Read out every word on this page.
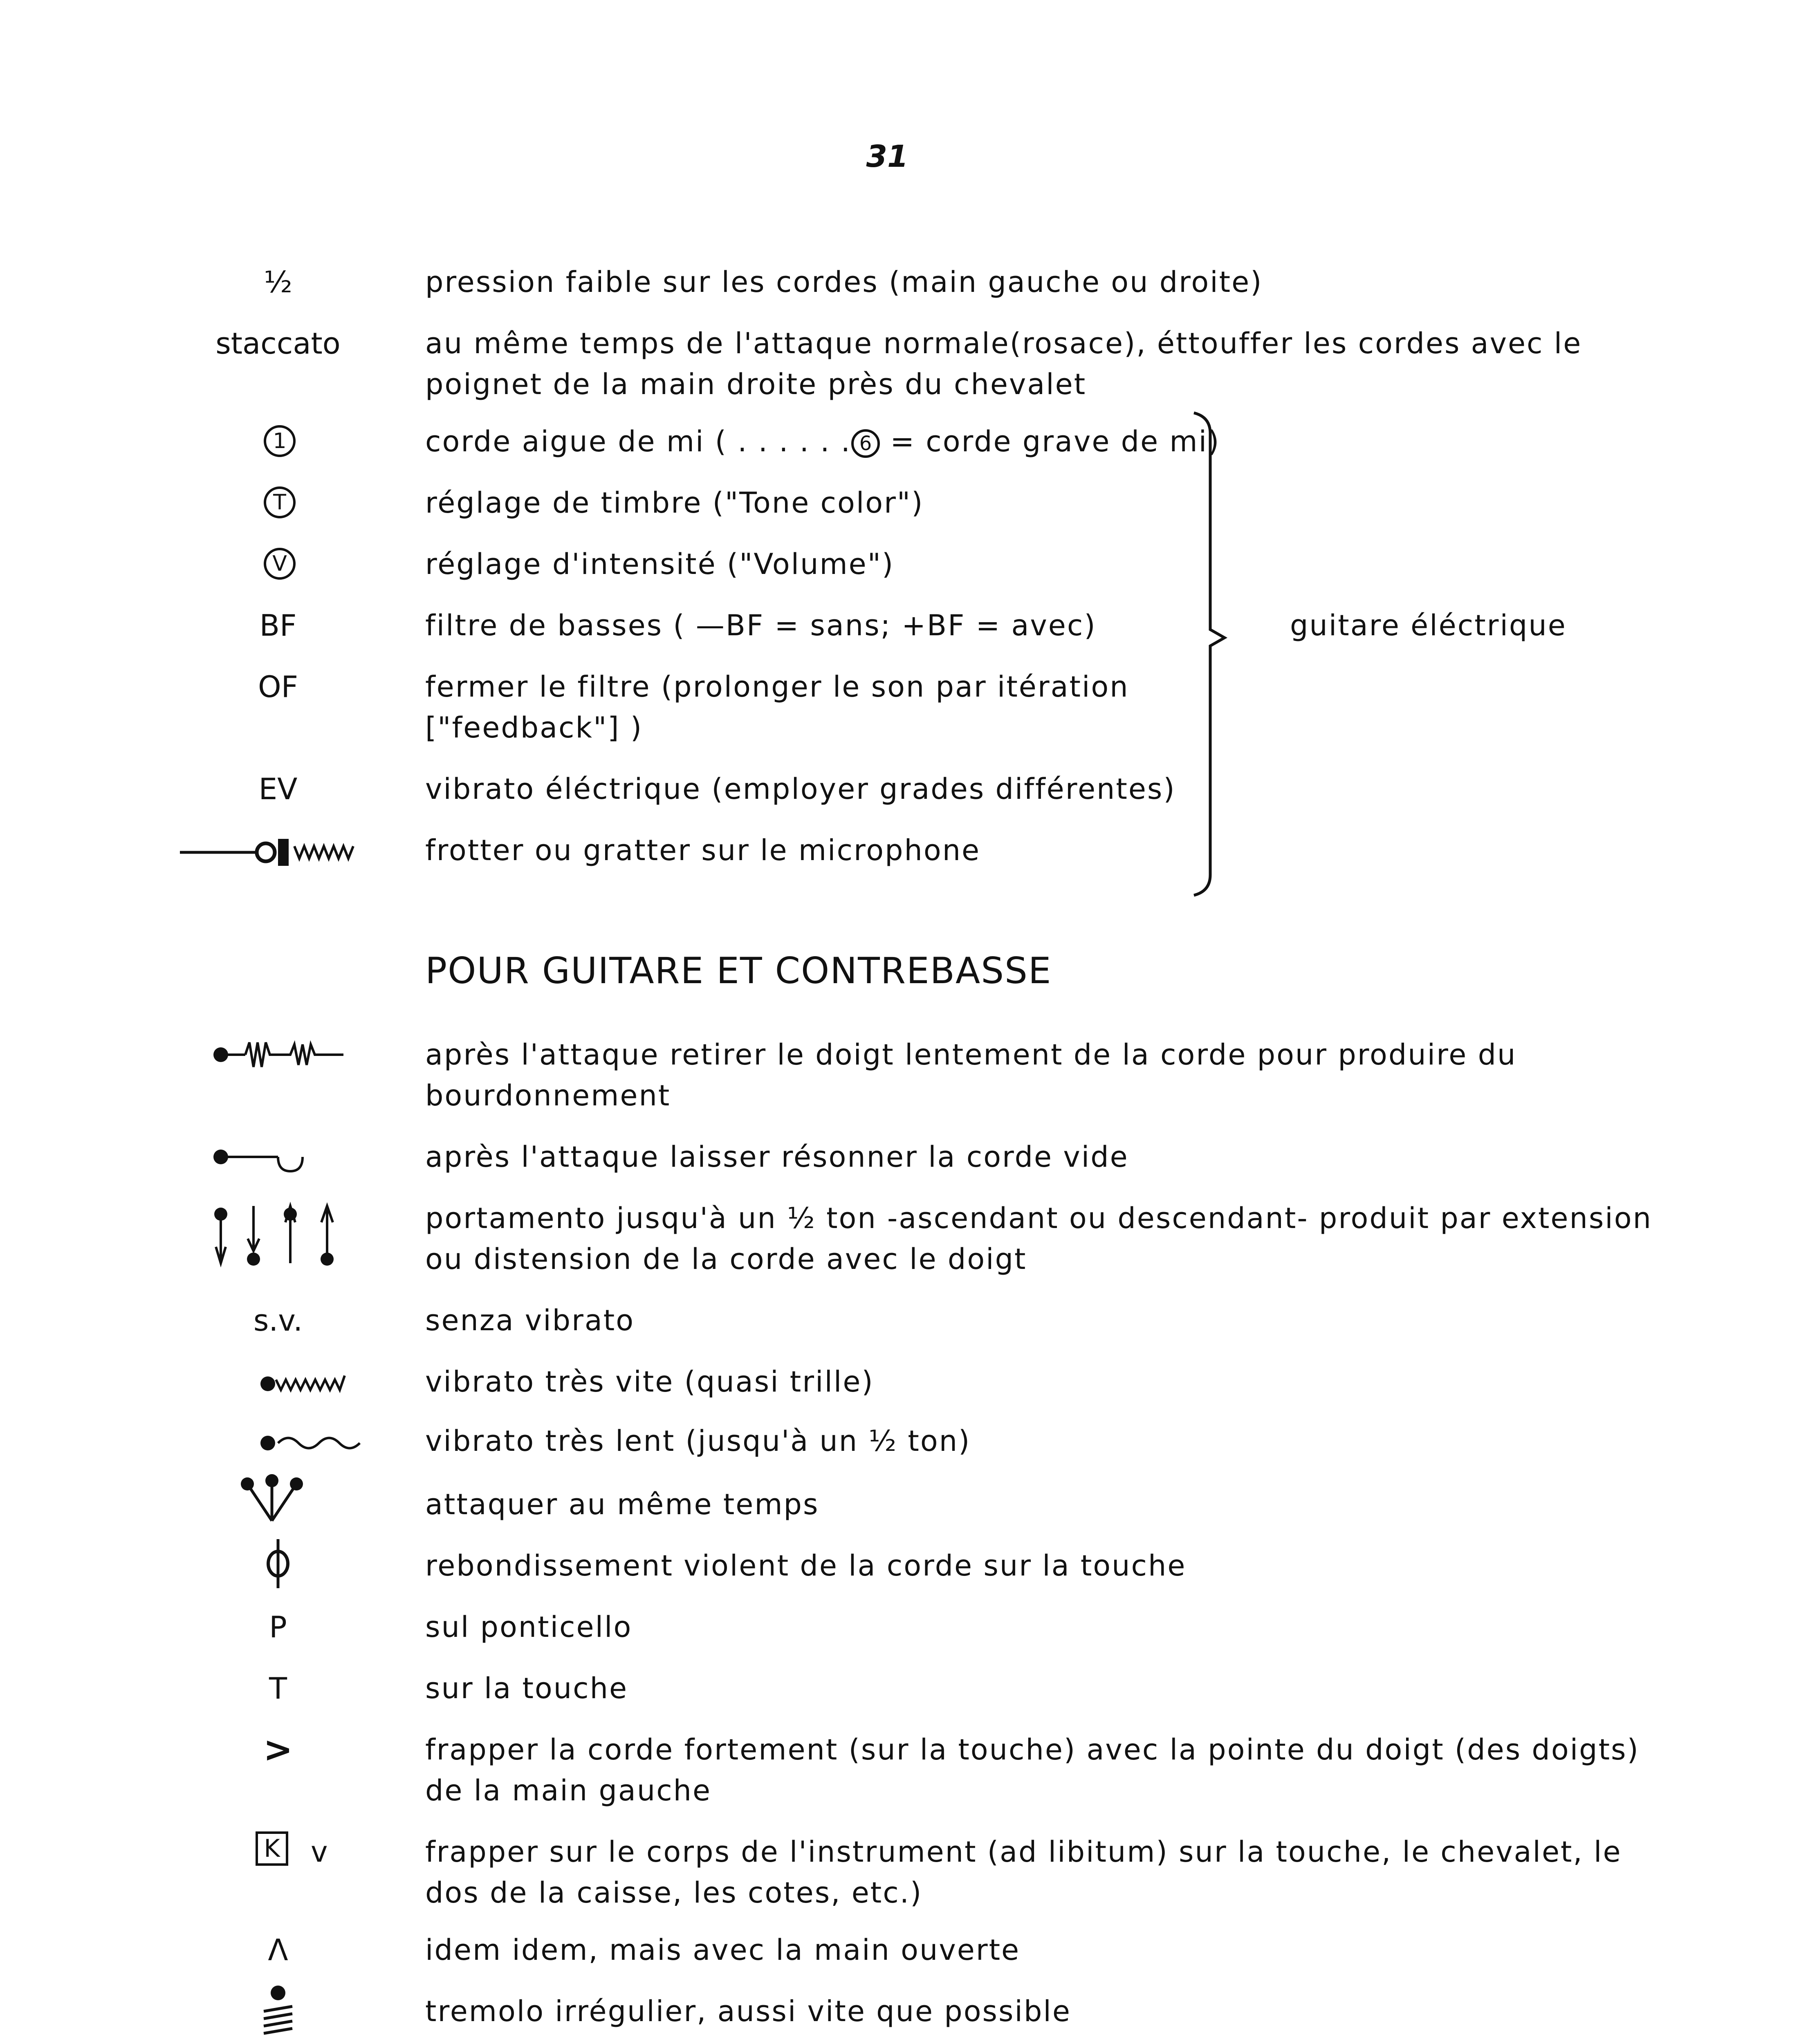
31
½	pression faible sur les cordes (main gauche ou droite)
staccato	au même temps de l'attaque normale(rosace), éttouffer les cordes avec le
poignet de la main droite près du chevalet
1	corde aigue de mi ( . . . . . . 6 = corde grave de mi)
T	réglage de timbre ("Tone color")
V	réglage d'intensité ("Volume")
BF	filtre de basses ( —BF = sans; +BF = avec)
OF	fermer le filtre (prolonger le son par itération
["feedback"] )
EV	vibrato éléctrique (employer grades différentes)
frotter ou gratter sur le microphone
guitare éléctrique
POUR GUITARE ET CONTREBASSE
après l'attaque retirer le doigt lentement de la corde pour produire du
bourdonnement
après l'attaque laisser résonner la corde vide
portamento jusqu'à un ½ ton -ascendant ou descendant- produit par extension
ou distension de la corde avec le doigt
s.v.	senza vibrato
vibrato très vite (quasi trille)
vibrato très lent (jusqu'à un ½ ton)
attaquer au même temps
rebondissement violent de la corde sur la touche
P	sul ponticello
T	sur la touche
>	frapper la corde fortement (sur la touche) avec la pointe du doigt (des doigts)
de la main gauche
K v	frapper sur le corps de l'instrument (ad libitum) sur la touche, le chevalet, le
dos de la caisse, les cotes, etc.)
Λ	idem idem, mais avec la main ouverte
tremolo irrégulier, aussi vite que possible
